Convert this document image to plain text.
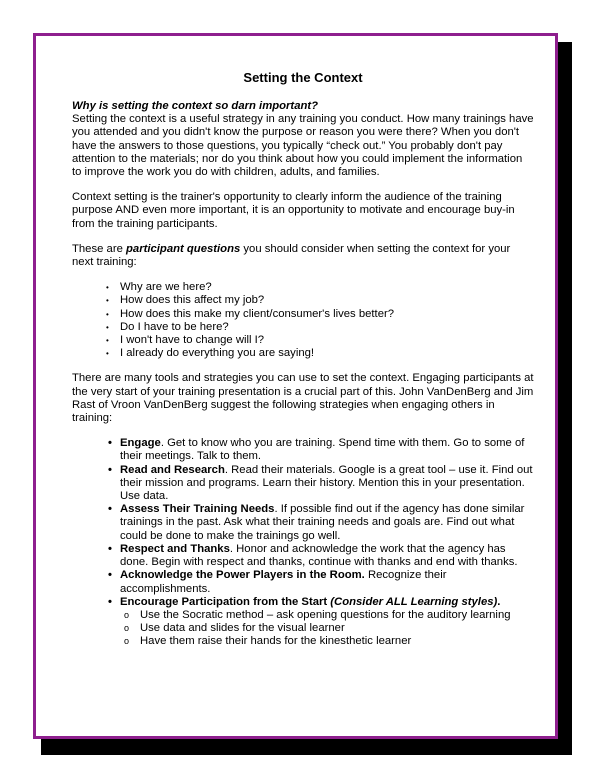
Setting the Context

Why is setting the context so darn important?

Setting the context is a useful strategy in any training you conduct. How many trainings have you attended and you didn't know the purpose or reason you were there? When you don't have the answers to those questions, you typically “check out.” You probably don't pay attention to the materials; nor do you think about how you could implement the information to improve the work you do with children, adults, and families.

Context setting is the trainer's opportunity to clearly inform the audience of the training purpose AND even more important, it is an opportunity to motivate and encourage buy-in from the training participants.

These are participant questions you should consider when setting the context for your next training:

• Why are we here?
• How does this affect my job?
• How does this make my client/consumer's lives better?
• Do I have to be here?
• I won't have to change will I?
• I already do everything you are saying!

There are many tools and strategies you can use to set the context. Engaging participants at the very start of your training presentation is a crucial part of this. John VanDenBerg and Jim Rast of Vroon VanDenBerg suggest the following strategies when engaging others in training:

• Engage. Get to know who you are training. Spend time with them. Go to some of their meetings. Talk to them.
• Read and Research. Read their materials. Google is a great tool – use it. Find out their mission and programs. Learn their history. Mention this in your presentation. Use data.
• Assess Their Training Needs. If possible find out if the agency has done similar trainings in the past. Ask what their training needs and goals are. Find out what could be done to make the trainings go well.
• Respect and Thanks. Honor and acknowledge the work that the agency has done. Begin with respect and thanks, continue with thanks and end with thanks.
• Acknowledge the Power Players in the Room. Recognize their accomplishments.
• Encourage Participation from the Start (Consider ALL Learning styles).
o Use the Socratic method – ask opening questions for the auditory learning
o Use data and slides for the visual learner
o Have them raise their hands for the kinesthetic learner
